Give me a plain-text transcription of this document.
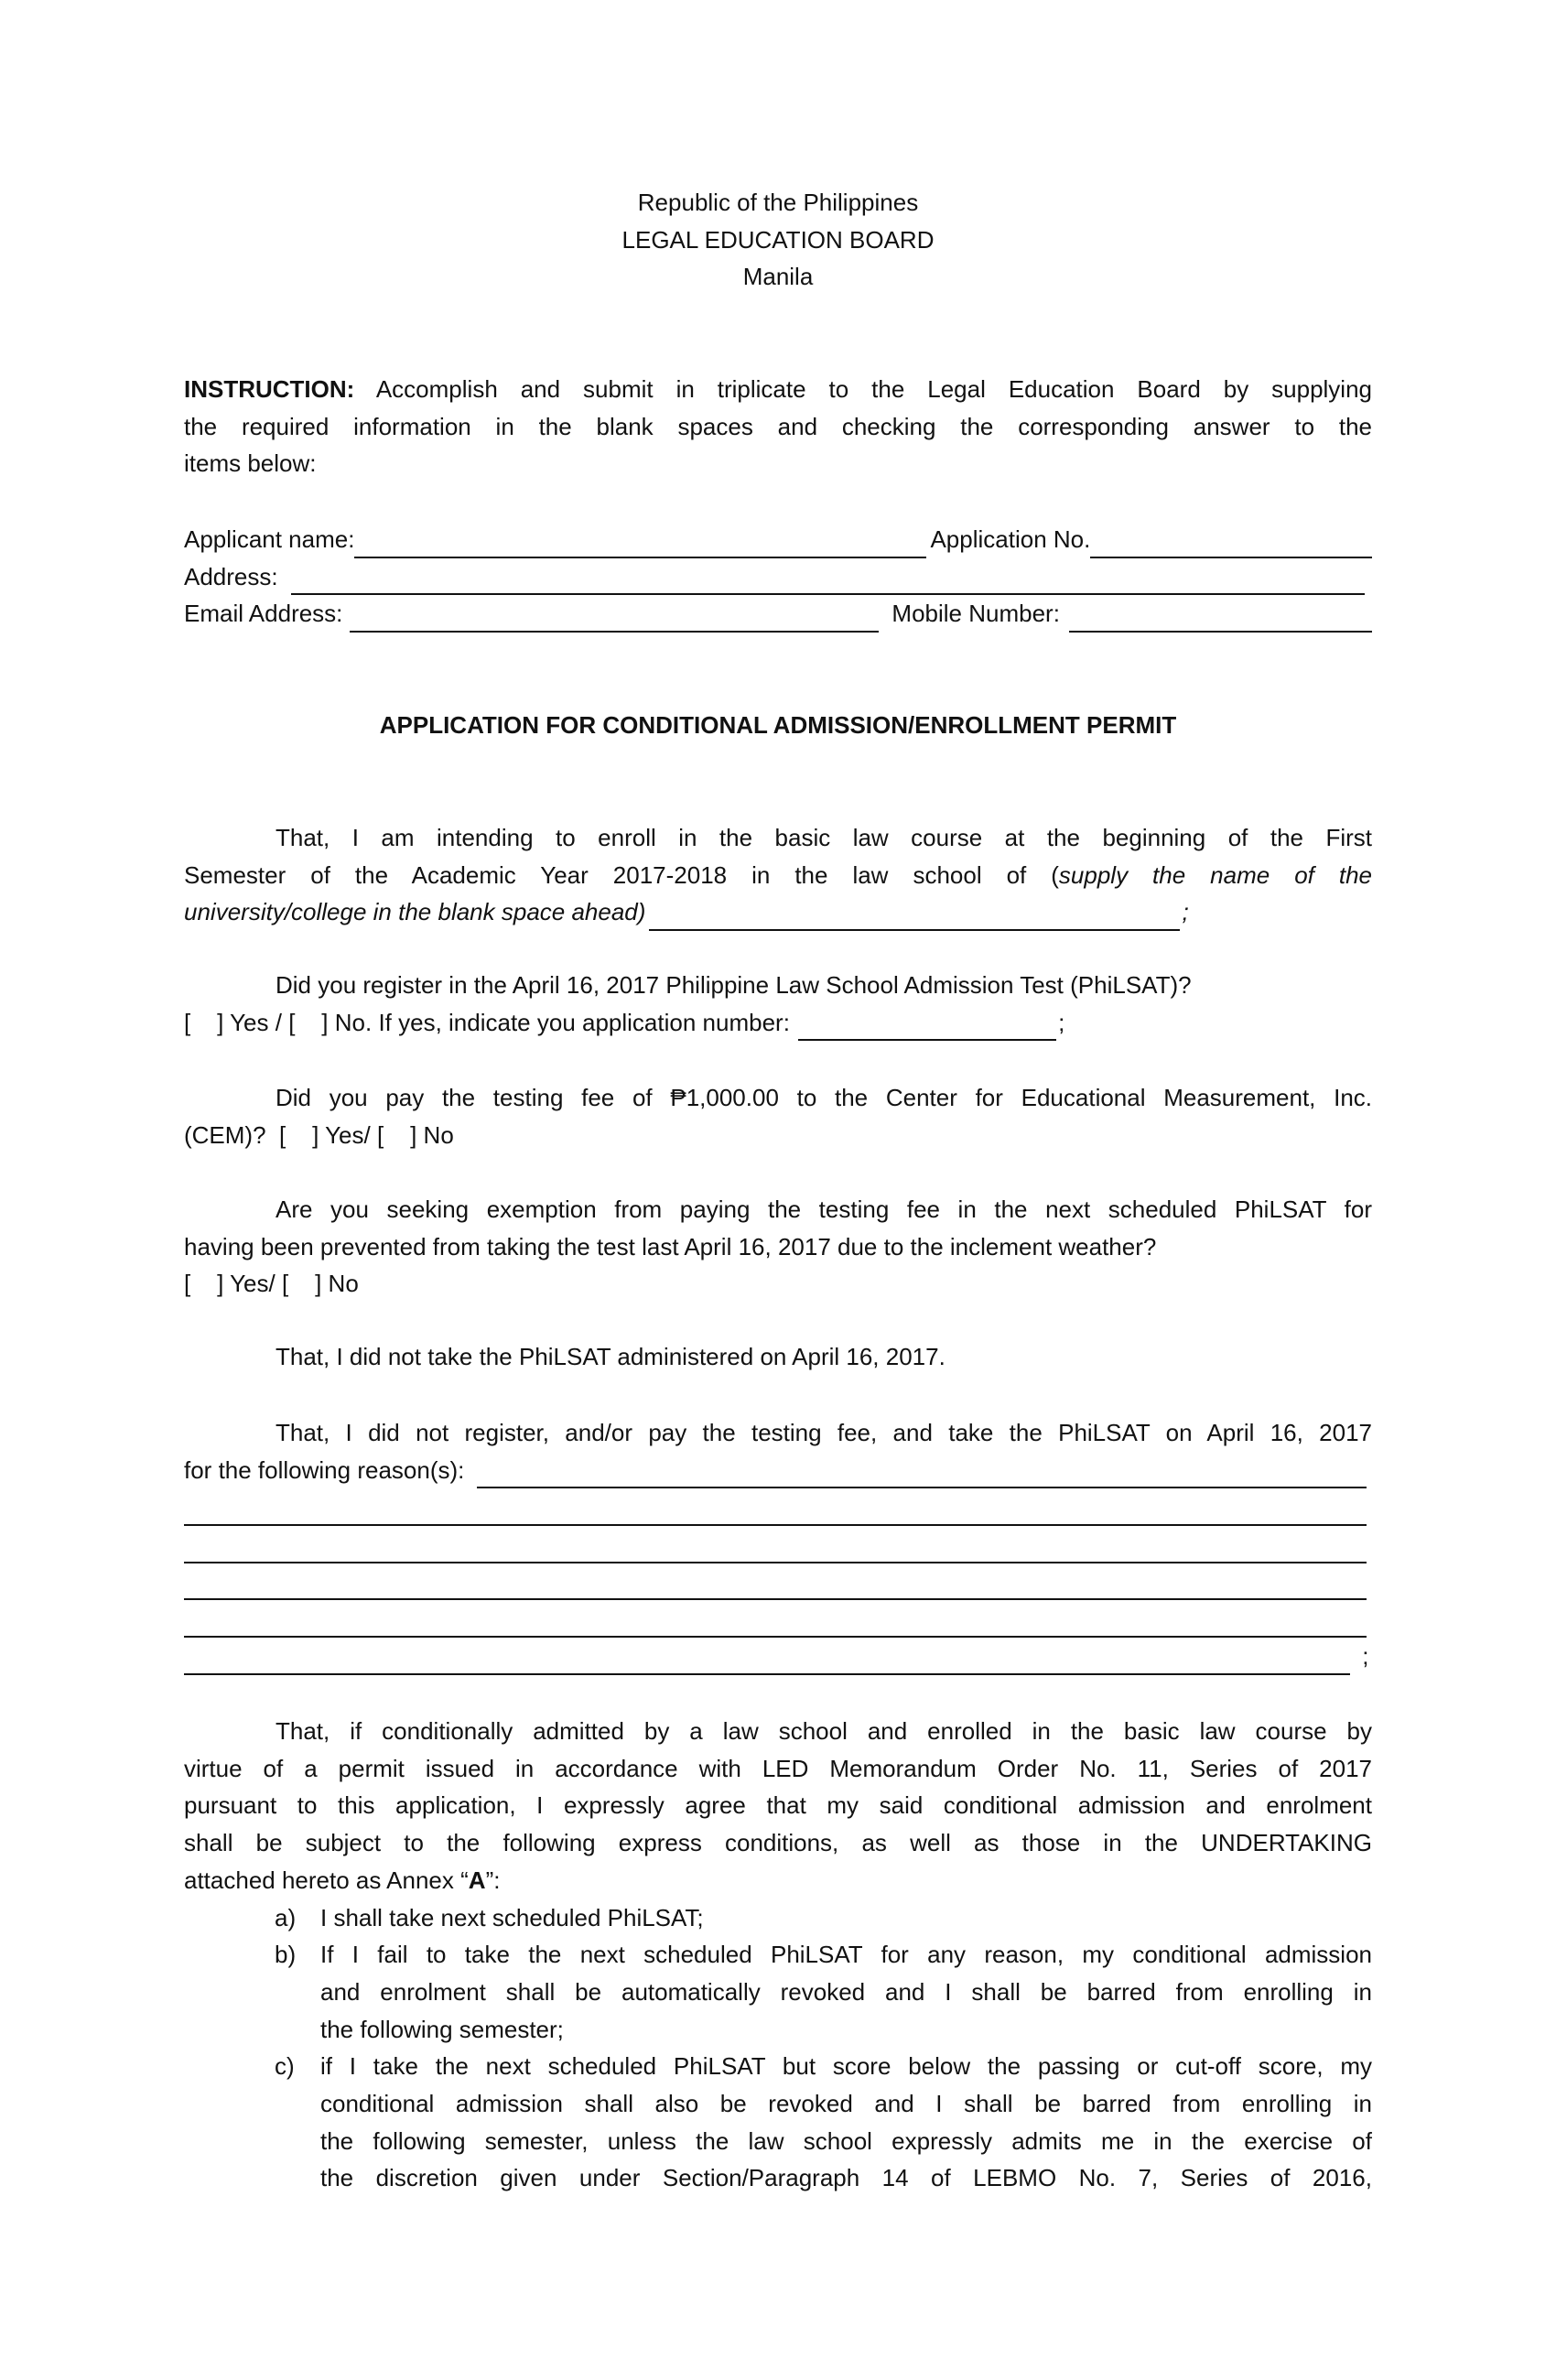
Republic of the Philippines
LEGAL EDUCATION BOARD
Manila
INSTRUCTION: Accomplish and submit in triplicate to the Legal Education Board by supplying
the required information in the blank spaces and checking the corresponding answer to the
items below:
Applicant name:	Application No.
Address:
Email Address:	Mobile Number:
APPLICATION FOR CONDITIONAL ADMISSION/ENROLLMENT PERMIT
That, I am intending to enroll in the basic law course at the beginning of the First
Semester of the Academic Year 2017-2018 in the law school of (supply the name of the
university/college in the blank space ahead)	;
Did you register in the April 16, 2017 Philippine Law School Admission Test (PhiLSAT)?
[    ] Yes / [    ] No. If yes, indicate you application number:	;
Did you pay the testing fee of ₱1,000.00 to the Center for Educational Measurement, Inc.
(CEM)?  [    ] Yes/ [    ] No
Are you seeking exemption from paying the testing fee in the next scheduled PhiLSAT for
having been prevented from taking the test last April 16, 2017 due to the inclement weather?
[    ] Yes/ [    ] No
That, I did not take the PhiLSAT administered on April 16, 2017.
That, I did not register, and/or pay the testing fee, and take the PhiLSAT on April 16, 2017
for the following reason(s):
;
That, if conditionally admitted by a law school and enrolled in the basic law course by
virtue of a permit issued in accordance with LED Memorandum Order No. 11, Series of 2017
pursuant to this application, I expressly agree that my said conditional admission and enrolment
shall be subject to the following express conditions, as well as those in the UNDERTAKING
attached hereto as Annex “A”:
a)	I shall take next scheduled PhiLSAT;
b)	If I fail to take the next scheduled PhiLSAT for any reason, my conditional admission
and enrolment shall be automatically revoked and I shall be barred from enrolling in
the following semester;
c)	if I take the next scheduled PhiLSAT but score below the passing or cut-off score, my
conditional admission shall also be revoked and I shall be barred from enrolling in
the following semester, unless the law school expressly admits me in the exercise of
the discretion given under Section/Paragraph 14 of LEBMO No. 7, Series of 2016,
